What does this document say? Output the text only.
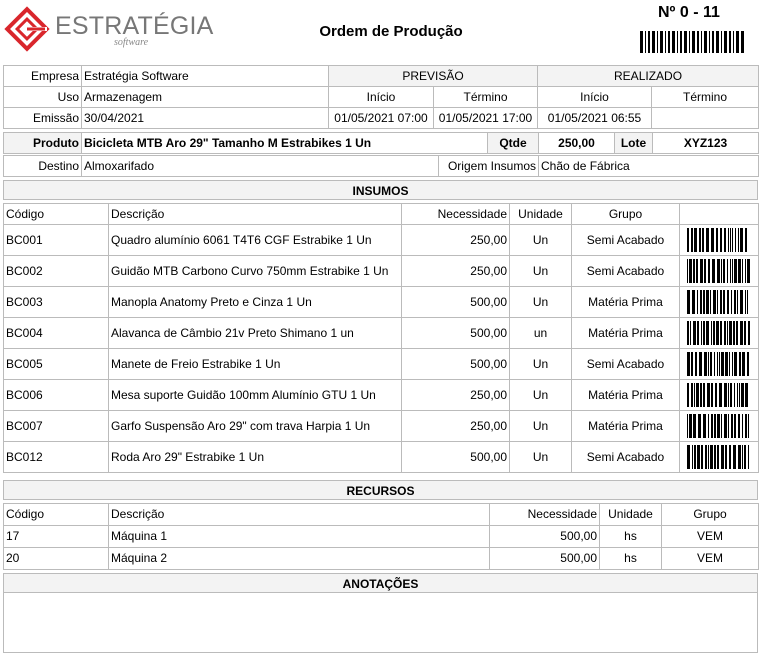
ESTRATÉGIA
software
Ordem de Produção
Nº 0 - 11
Empresa	Estratégia Software	PREVISÃO		REALIZADO	
Uso	Armazenagem	Início	Término	Início	Término
Emissão	30/04/2021	01/05/2021 07:00	01/05/2021 17:00	01/05/2021 06:55	
Produto	Bicicleta MTB Aro 29" Tamanho M Estrabikes 1 Un	Qtde	250,00	Lote	XYZ123
Destino	Almoxarifado	Origem Insumos	Chão de Fábrica
INSUMOS
Código	Descrição	Necessidade	Unidade	Grupo	
BC001	Quadro alumínio 6061 T4T6 CGF Estrabike 1 Un	250,00	Un	Semi Acabado	

BC002	Guidão MTB Carbono Curvo 750mm Estrabike 1 Un	250,00	Un	Semi Acabado	

BC003	Manopla Anatomy Preto e Cinza 1 Un	500,00	Un	Matéria Prima	

BC004	Alavanca de Câmbio 21v Preto Shimano 1 un	500,00	un	Matéria Prima	

BC005	Manete de Freio Estrabike 1 Un	500,00	Un	Semi Acabado	

BC006	Mesa suporte Guidão 100mm Alumínio GTU 1 Un	250,00	Un	Matéria Prima	

BC007	Garfo Suspensão Aro 29" com trava Harpia 1 Un	250,00	Un	Matéria Prima	

BC012	Roda Aro 29" Estrabike 1 Un	500,00	Un	Semi Acabado	
RECURSOS
Código	Descrição	Necessidade	Unidade	Grupo
17	Máquina 1	500,00	hs	VEM
20	Máquina 2	500,00	hs	VEM
ANOTAÇÕES
